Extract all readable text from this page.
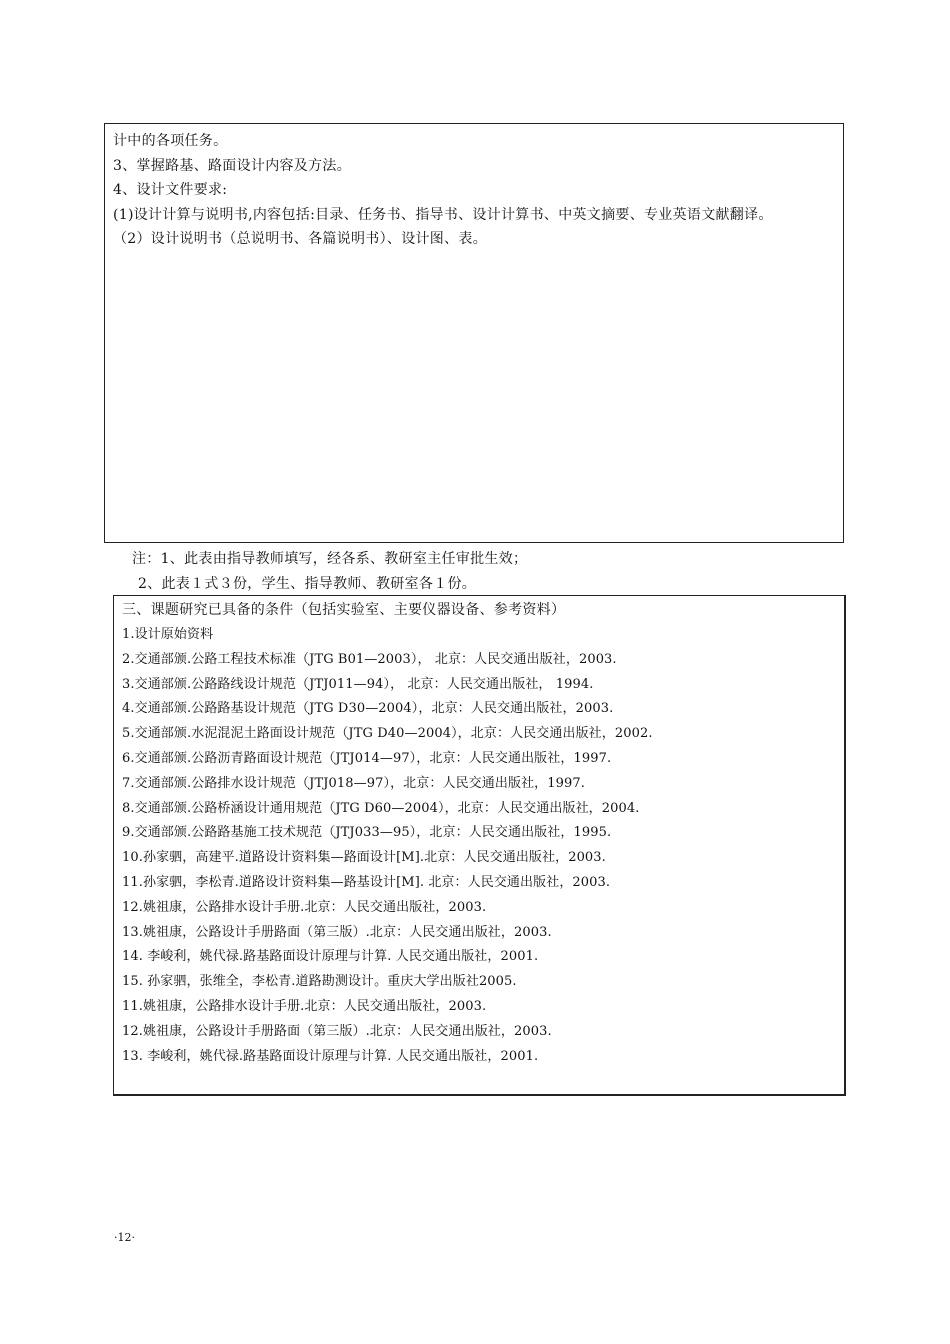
计中的各项任务。
3、掌握路基、路面设计内容及方法。
4、设计文件要求:
(1)设计计算与说明书,内容包括:目录、任务书、指导书、设计计算书、中英文摘要、专业英语文献翻译。
（2）设计说明书（总说明书、各篇说明书）、设计图、表。
注：1、此表由指导教师填写，经各系、教研室主任审批生效；
2、此表１式３份，学生、指导教师、教研室各１份。
三、课题研究已具备的条件（包括实验室、主要仪器设备、参考资料）
1.设计原始资料
2.交通部颁.公路工程技术标准（JTG B01—2003）， 北京：人民交通出版社，2003.
3.交通部颁.公路路线设计规范（JTJ011—94）， 北京：人民交通出版社， 1994.
4.交通部颁.公路路基设计规范（JTG D30—2004），北京：人民交通出版社，2003.
5.交通部颁.水泥混泥土路面设计规范（JTG D40—2004），北京：人民交通出版社，2002.
6.交通部颁.公路沥青路面设计规范（JTJ014—97），北京：人民交通出版社，1997.
7.交通部颁.公路排水设计规范（JTJ018—97），北京：人民交通出版社，1997.
8.交通部颁.公路桥涵设计通用规范（JTG D60—2004），北京：人民交通出版社，2004.
9.交通部颁.公路路基施工技术规范（JTJ033—95），北京：人民交通出版社，1995.
10.孙家驷，高建平.道路设计资料集—路面设计[M].北京：人民交通出版社，2003.
11.孙家驷，李松青.道路设计资料集—路基设计[M]. 北京：人民交通出版社，2003.
12.姚祖康，公路排水设计手册.北京：人民交通出版社，2003.
13.姚祖康，公路设计手册路面（第三版）.北京：人民交通出版社，2003.
14. 李峻利，姚代禄.路基路面设计原理与计算. 人民交通出版社，2001.
15. 孙家驷，张维全，李松青.道路勘测设计。重庆大学出版社2005.
11.姚祖康，公路排水设计手册.北京：人民交通出版社，2003.
12.姚祖康，公路设计手册路面（第三版）.北京：人民交通出版社，2003.
13. 李峻利，姚代禄.路基路面设计原理与计算. 人民交通出版社，2001.
·12·
